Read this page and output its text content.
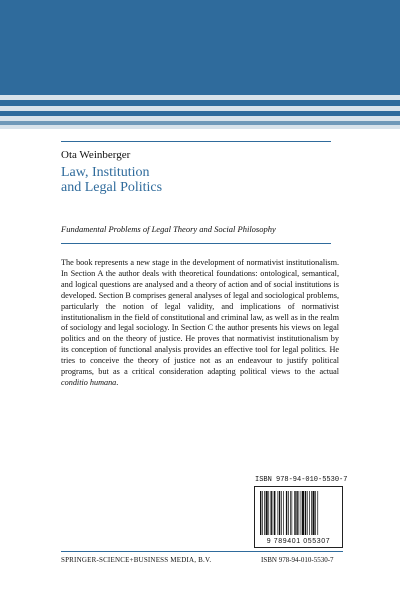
Ota Weinberger
Law, Institution
and Legal Politics
Fundamental Problems of Legal Theory and Social Philosophy

The book represents a new stage in the development of normativist institutionalism. In Section A the author deals with theoretical foundations: ontological, semantical, and logical questions are analysed and a theory of action and of social institutions is developed. Section B comprises general analyses of legal and sociological problems, particularly the notion of legal validity, and implications of normativist institutionalism in the field of constitutional and criminal law, as well as in the realm of sociology and legal sociology. In Section C the author presents his views on legal politics and on the theory of justice. He proves that normativist institutionalism by its conception of functional analysis provides an effective tool for legal politics. He tries to conceive the theory of justice not as an endeavour to justify political programs, but as a critical consideration adapting political views to the actual conditio humana.

ISBN 978-94-010-5530-7
9 789401 055307
SPRINGER-SCIENCE+BUSINESS MEDIA, B.V.	ISBN 978-94-010-5530-7
